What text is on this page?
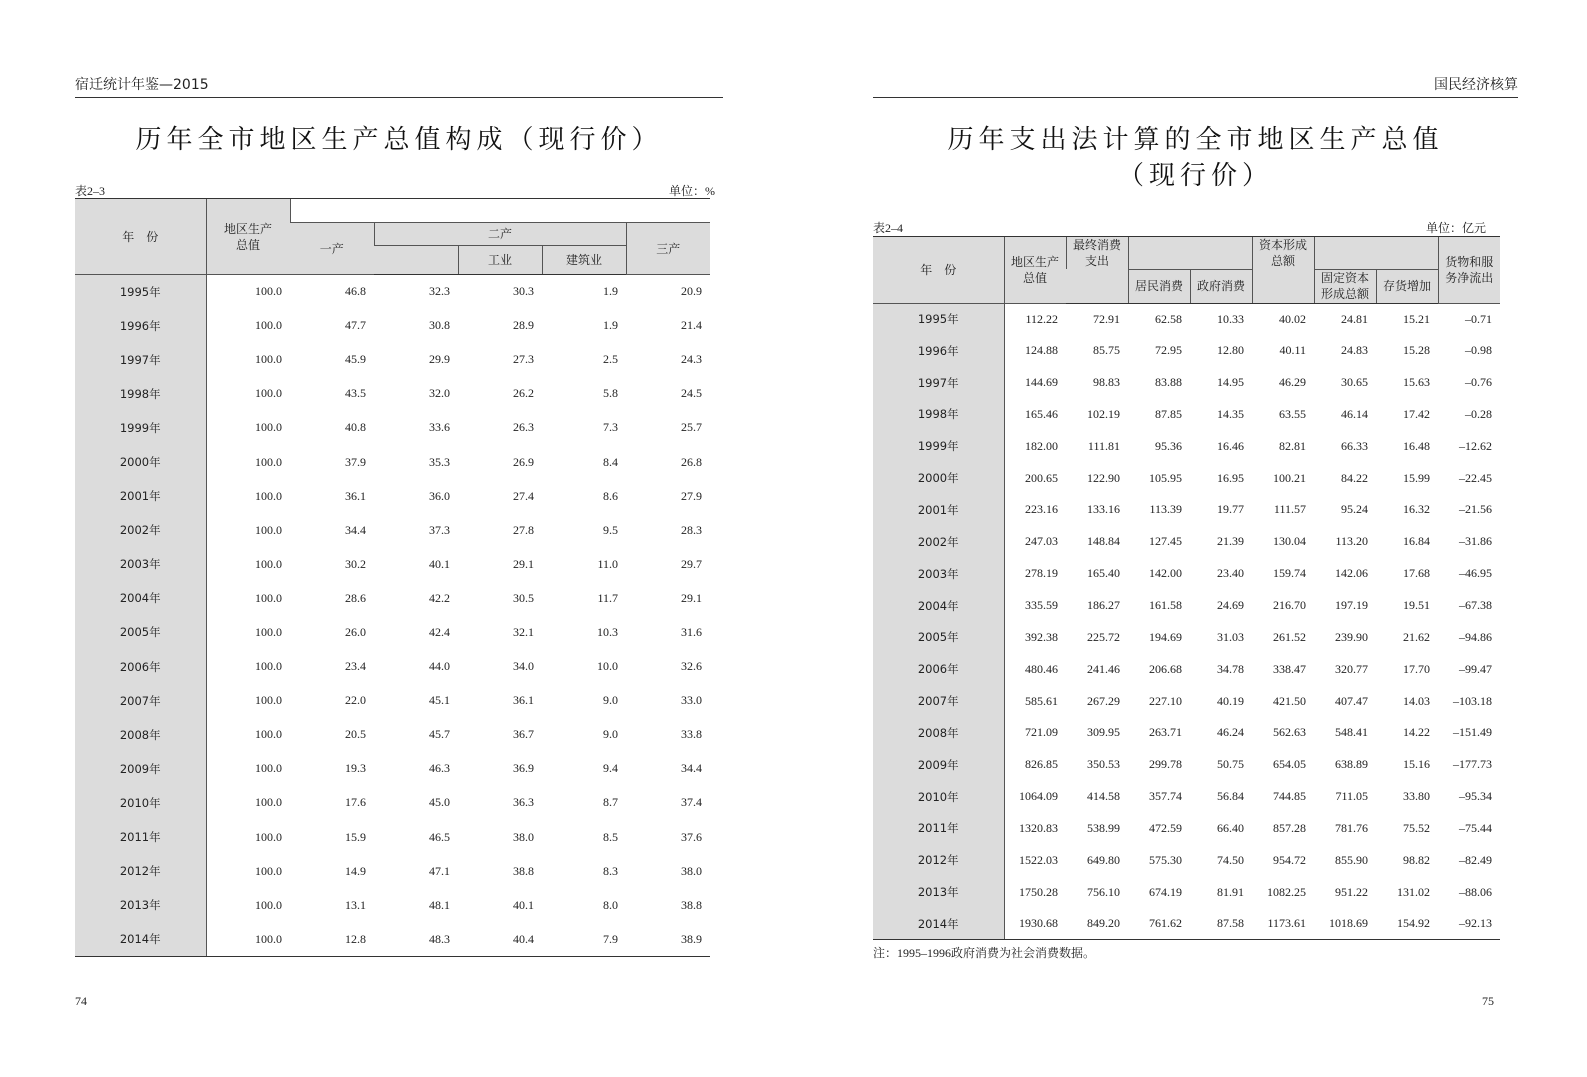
宿迁统计年鉴—2015
历年全市地区生产总值构成（现行价）
表2–3	单位：%
年　份	地区生产总值					
		一产	二产			三产
				工业	建筑业	
1995年	100.0	46.8	32.3	30.3	1.9	20.9
1996年	100.0	47.7	30.8	28.9	1.9	21.4
1997年	100.0	45.9	29.9	27.3	2.5	24.3
1998年	100.0	43.5	32.0	26.2	5.8	24.5
1999年	100.0	40.8	33.6	26.3	7.3	25.7
2000年	100.0	37.9	35.3	26.9	8.4	26.8
2001年	100.0	36.1	36.0	27.4	8.6	27.9
2002年	100.0	34.4	37.3	27.8	9.5	28.3
2003年	100.0	30.2	40.1	29.1	11.0	29.7
2004年	100.0	28.6	42.2	30.5	11.7	29.1
2005年	100.0	26.0	42.4	32.1	10.3	31.6
2006年	100.0	23.4	44.0	34.0	10.0	32.6
2007年	100.0	22.0	45.1	36.1	9.0	33.0
2008年	100.0	20.5	45.7	36.7	9.0	33.8
2009年	100.0	19.3	46.3	36.9	9.4	34.4
2010年	100.0	17.6	45.0	36.3	8.7	37.4
2011年	100.0	15.9	46.5	38.0	8.5	37.6
2012年	100.0	14.9	47.1	38.8	8.3	38.0
2013年	100.0	13.1	48.1	40.1	8.0	38.8
2014年	100.0	12.8	48.3	40.4	7.9	38.9
74
国民经济核算
历年支出法计算的全市地区生产总值
（现行价）
表2–4	单位：亿元
年　份	地区生产总值	最终消费支出			资本形成总额			货物和服务净流出
			居民消费	政府消费		固定资本形成总额	存货增加	
1995年	112.22	72.91	62.58	10.33	40.02	24.81	15.21	–0.71
1996年	124.88	85.75	72.95	12.80	40.11	24.83	15.28	–0.98
1997年	144.69	98.83	83.88	14.95	46.29	30.65	15.63	–0.76
1998年	165.46	102.19	87.85	14.35	63.55	46.14	17.42	–0.28
1999年	182.00	111.81	95.36	16.46	82.81	66.33	16.48	–12.62
2000年	200.65	122.90	105.95	16.95	100.21	84.22	15.99	–22.45
2001年	223.16	133.16	113.39	19.77	111.57	95.24	16.32	–21.56
2002年	247.03	148.84	127.45	21.39	130.04	113.20	16.84	–31.86
2003年	278.19	165.40	142.00	23.40	159.74	142.06	17.68	–46.95
2004年	335.59	186.27	161.58	24.69	216.70	197.19	19.51	–67.38
2005年	392.38	225.72	194.69	31.03	261.52	239.90	21.62	–94.86
2006年	480.46	241.46	206.68	34.78	338.47	320.77	17.70	–99.47
2007年	585.61	267.29	227.10	40.19	421.50	407.47	14.03	–103.18
2008年	721.09	309.95	263.71	46.24	562.63	548.41	14.22	–151.49
2009年	826.85	350.53	299.78	50.75	654.05	638.89	15.16	–177.73
2010年	1064.09	414.58	357.74	56.84	744.85	711.05	33.80	–95.34
2011年	1320.83	538.99	472.59	66.40	857.28	781.76	75.52	–75.44
2012年	1522.03	649.80	575.30	74.50	954.72	855.90	98.82	–82.49
2013年	1750.28	756.10	674.19	81.91	1082.25	951.22	131.02	–88.06
2014年	1930.68	849.20	761.62	87.58	1173.61	1018.69	154.92	–92.13
注：1995–1996政府消费为社会消费数据。
75
